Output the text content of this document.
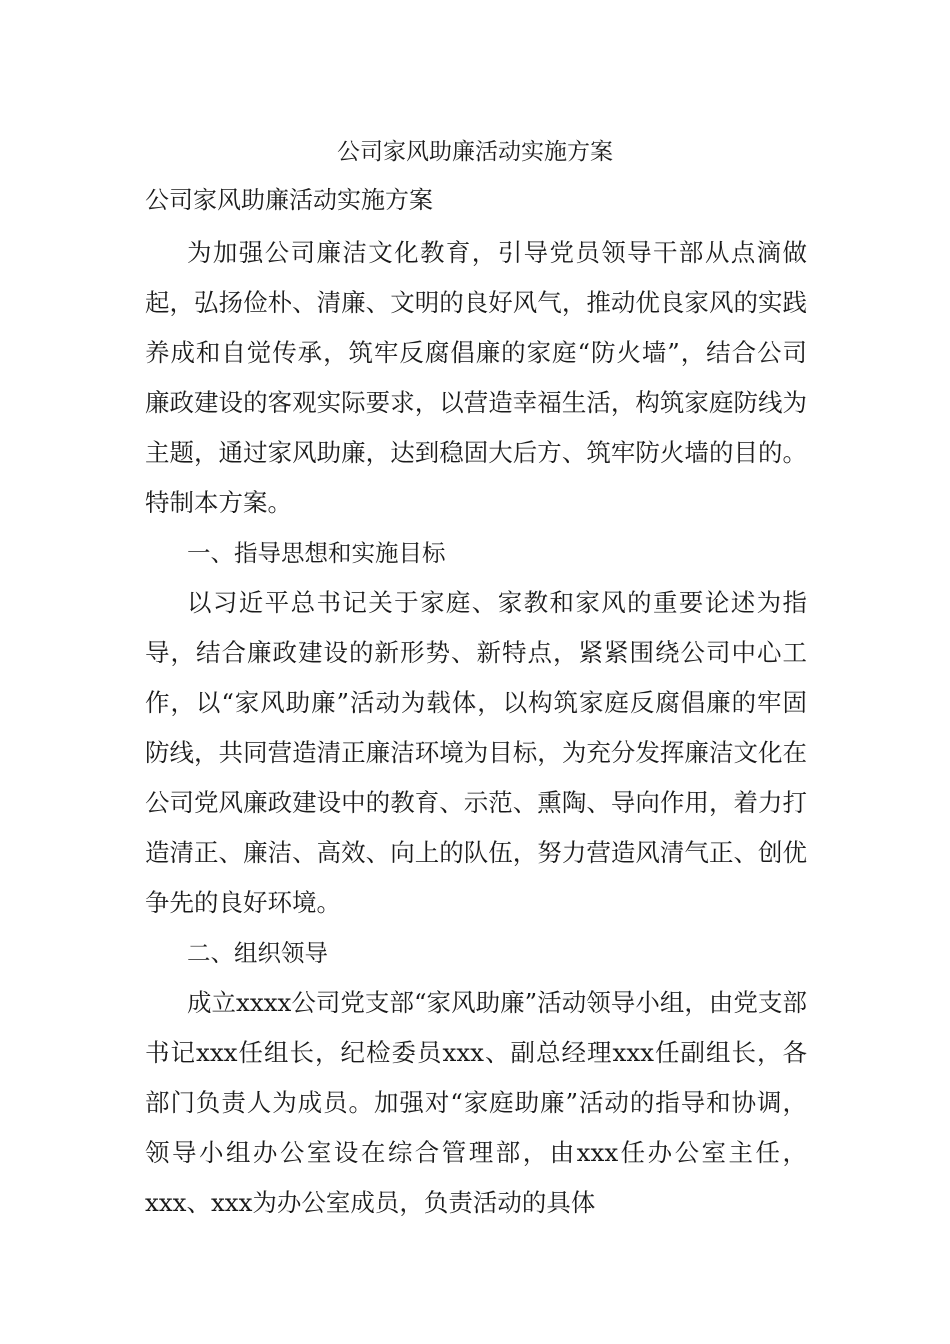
公司家风助廉活动实施方案
公司家风助廉活动实施方案

为加强公司廉洁文化教育，引导党员领导干部从点滴做起，弘扬俭朴、清廉、文明的良好风气，推动优良家风的实践养成和自觉传承，筑牢反腐倡廉的家庭“防火墙”，结合公司廉政建设的客观实际要求，以营造幸福生活，构筑家庭防线为主题，通过家风助廉，达到稳固大后方、筑牢防火墙的目的。特制本方案。

一、指导思想和实施目标

以习近平总书记关于家庭、家教和家风的重要论述为指导，结合廉政建设的新形势、新特点，紧紧围绕公司中心工作，以“家风助廉”活动为载体，以构筑家庭反腐倡廉的牢固防线，共同营造清正廉洁环境为目标，为充分发挥廉洁文化在公司党风廉政建设中的教育、示范、熏陶、导向作用，着力打造清正、廉洁、高效、向上的队伍，努力营造风清气正、创优争先的良好环境。

二、组织领导

成立xxxx公司党支部“家风助廉”活动领导小组，由党支部书记xxx任组长，纪检委员xxx、副总经理xxx任副组长，各部门负责人为成员。加强对“家庭助廉”活动的指导和协调，领导小组办公室设在综合管理部，由xxx任办公室主任，xxx、xxx为办公室成员，负责活动的具体
